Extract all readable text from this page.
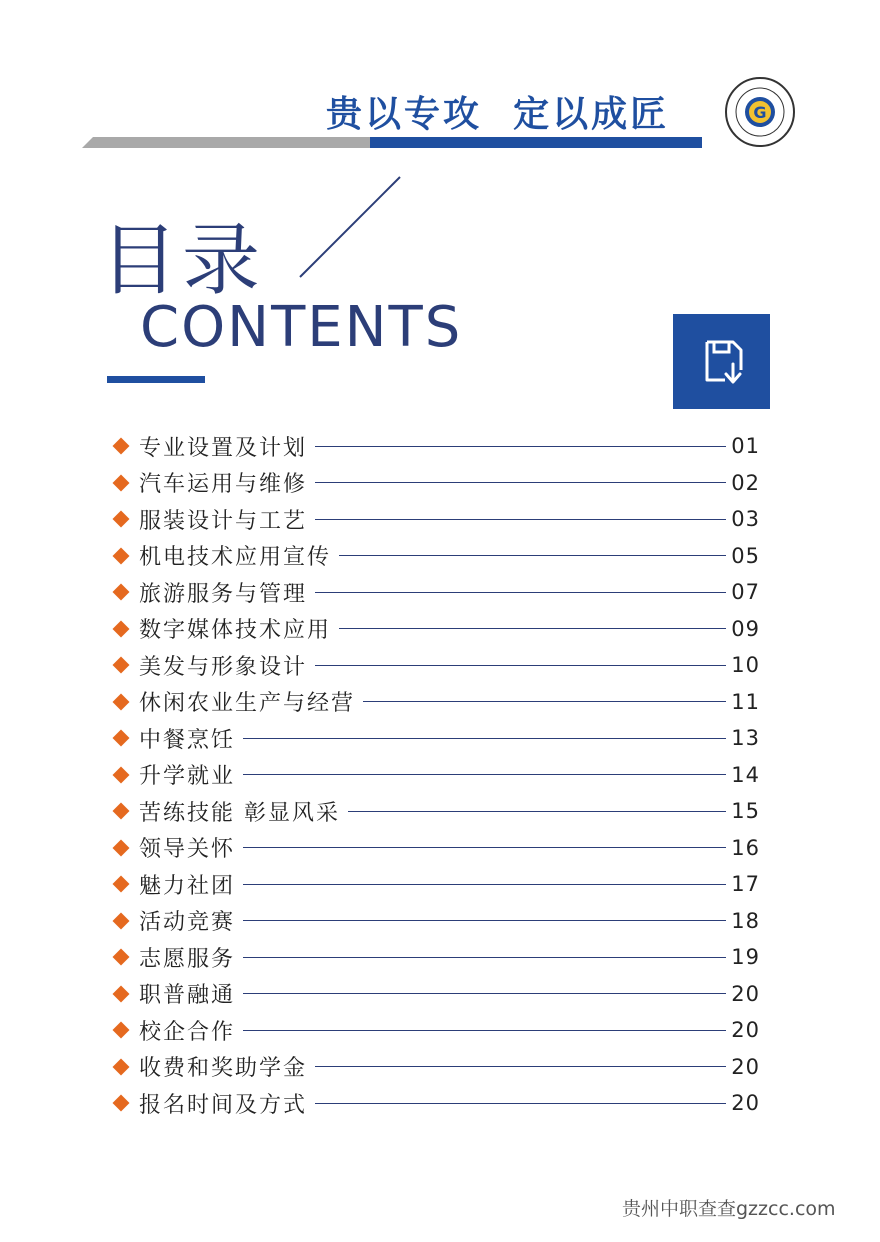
贵以专攻  定以成匠	G
目录
CONTENTS
专业设置及计划	01
汽车运用与维修	02
服装设计与工艺	03
机电技术应用宣传	05
旅游服务与管理	07
数字媒体技术应用	09
美发与形象设计	10
休闲农业生产与经营	11
中餐烹饪	13
升学就业	14
苦练技能 彰显风采	15
领导关怀	16
魅力社团	17
活动竞赛	18
志愿服务	19
职普融通	20
校企合作	20
收费和奖助学金	20
报名时间及方式	20
贵州中职查查gzzcc.com
